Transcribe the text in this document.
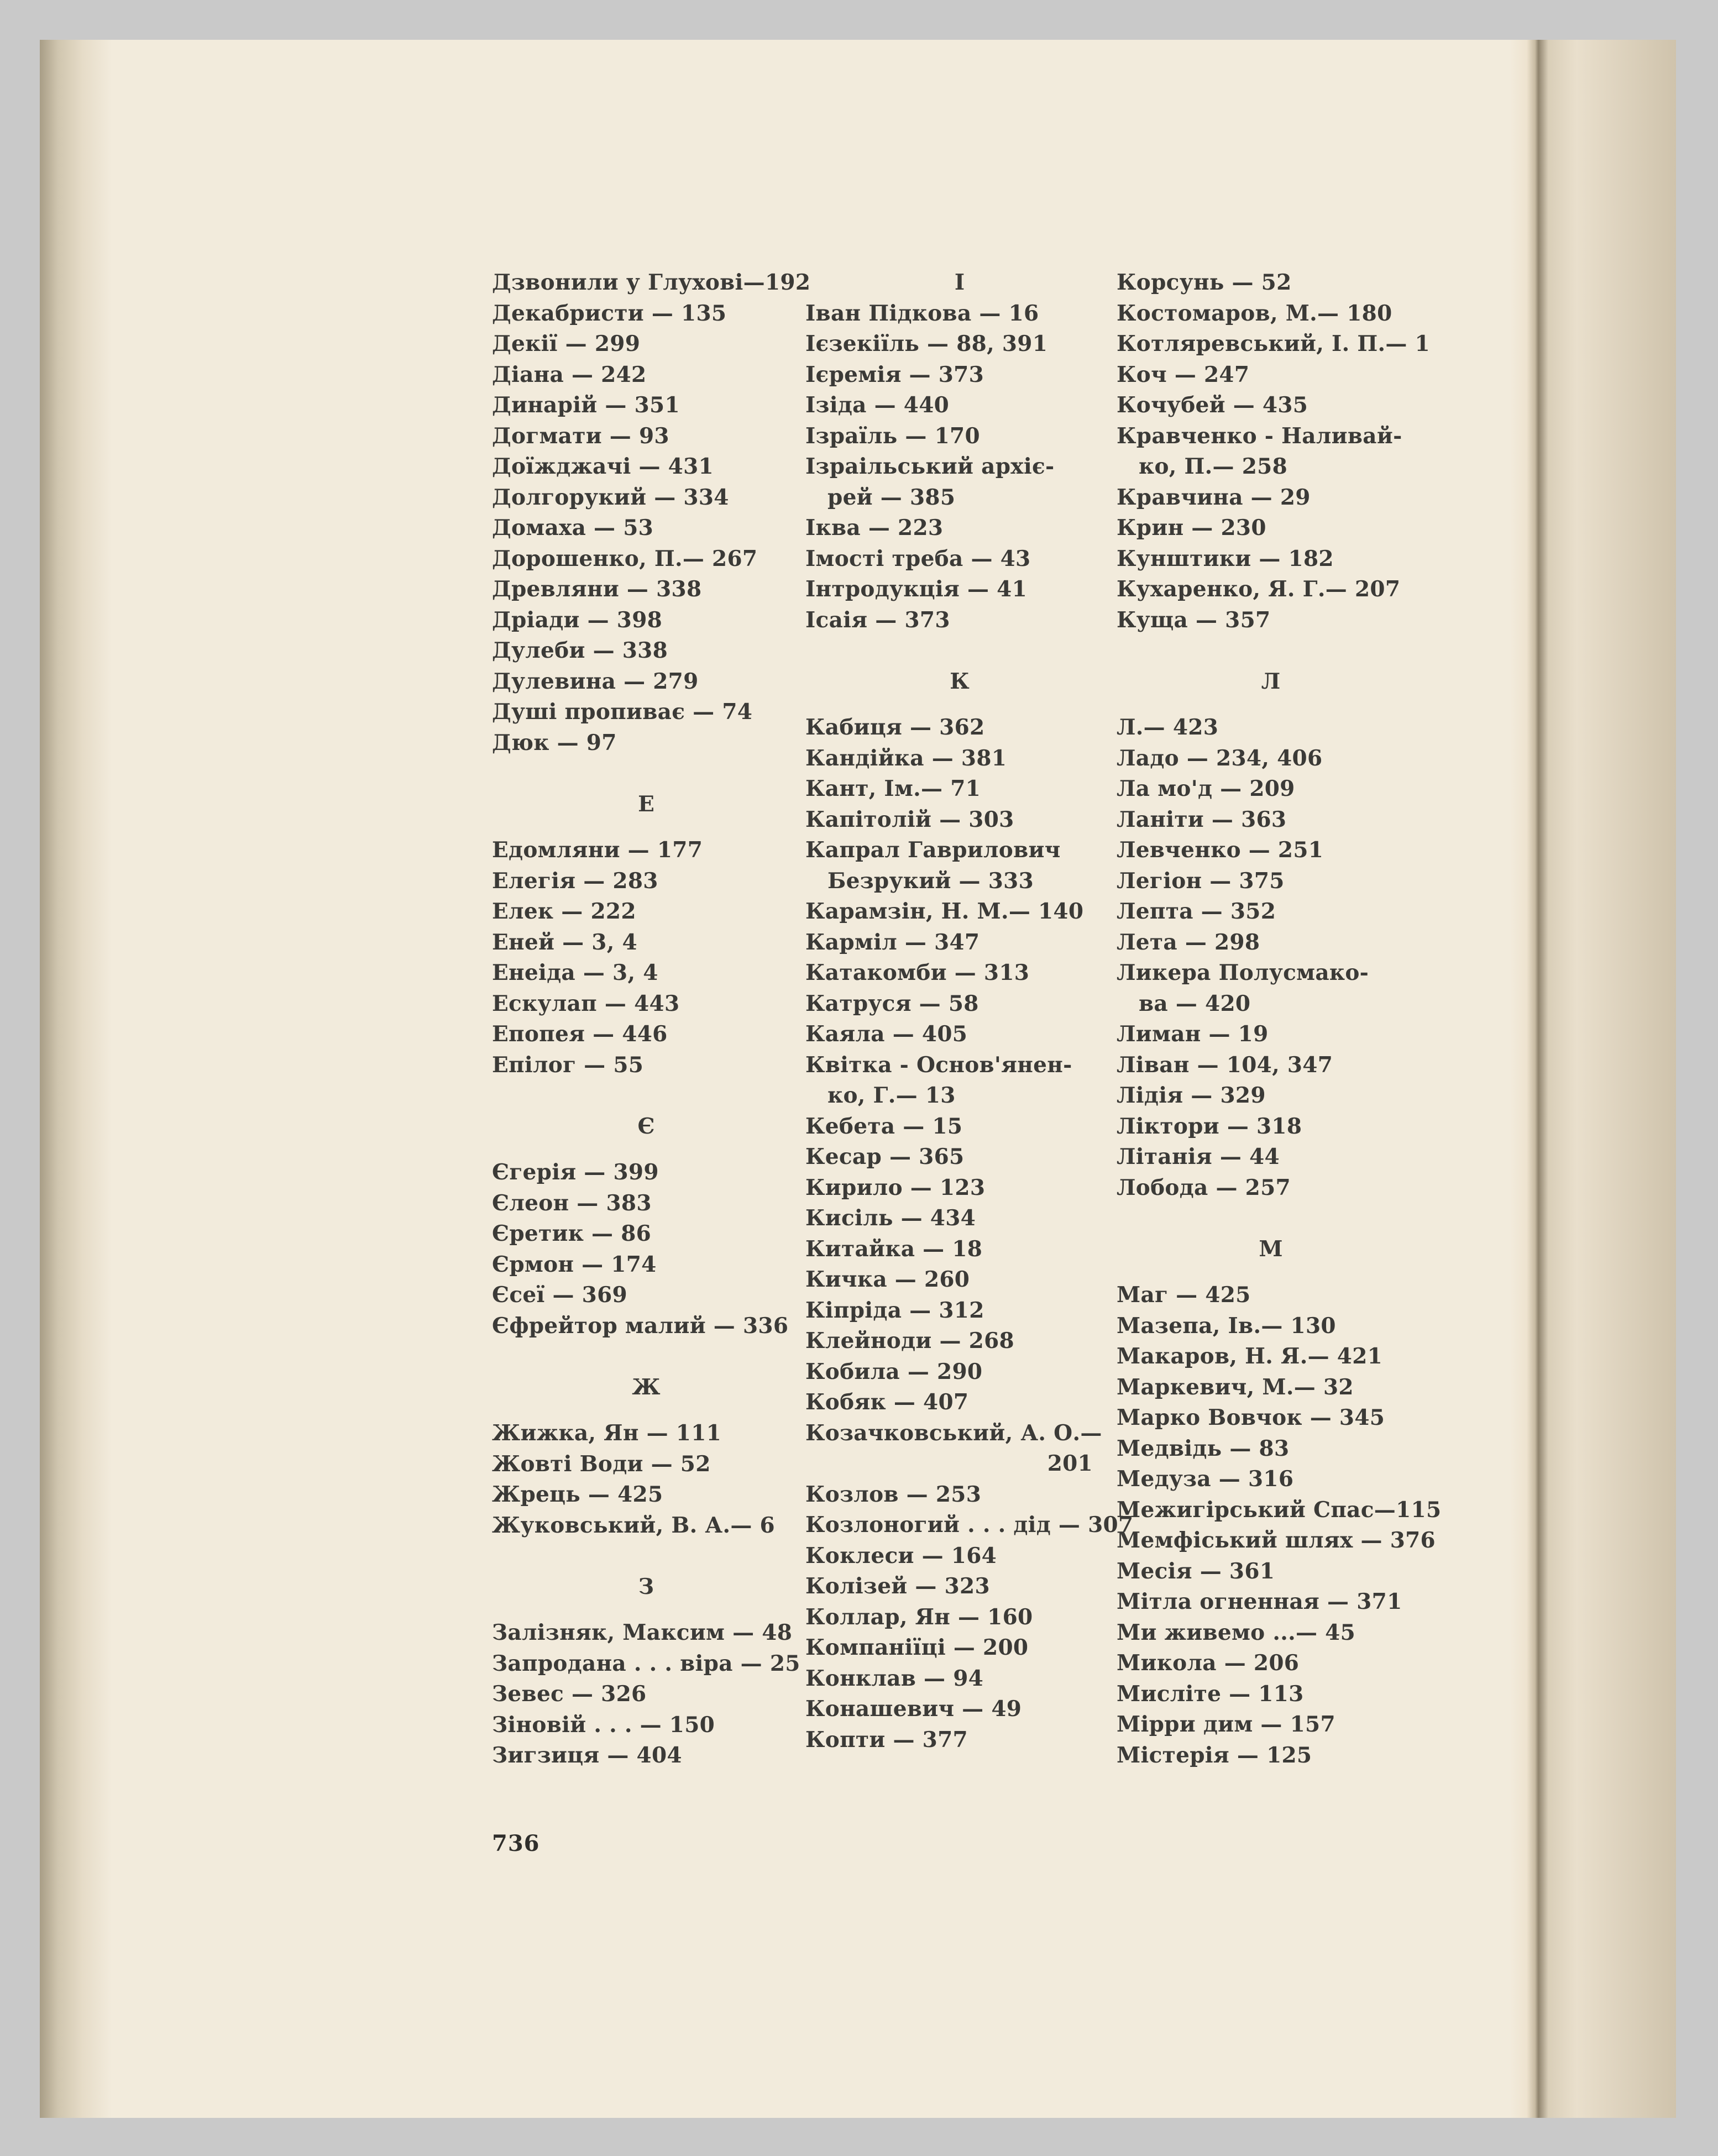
Дзвонили у Глухові—192
Декабристи — 135
Декії — 299
Діана — 242
Динарій — 351
Догмати — 93
Доїжджачі — 431
Долгорукий — 334
Домаха — 53
Дорошенко, П.— 267
Древляни — 338
Дріади — 398
Дулеби — 338
Дулевина — 279
Душі пропиває — 74
Дюк — 97
Е
Едомляни — 177
Елегія — 283
Елек — 222
Еней — 3, 4
Енеіда — 3, 4
Ескулап — 443
Епопея — 446
Епілог — 55
Є
Єгерія — 399
Єлеон — 383
Єретик — 86
Єрмон — 174
Єсеї — 369
Єфрейтор малий — 336
Ж
Жижка, Ян — 111
Жовті Води — 52
Жрець — 425
Жуковський, В. А.— 6
З
Залізняк, Максим — 48
Запродана . . . віра — 25
Зевес — 326
Зіновій . . . — 150
Зигзиця — 404
I
Іван Підкова — 16
Ієзекіїль — 88, 391
Ієремія — 373
Ізіда — 440
Ізраїль — 170
Ізраільський архіє-
рей — 385
Іква — 223
Імості треба — 43
Інтродукція — 41
Ісаія — 373
К
Кабиця — 362
Кандійка — 381
Кант, Ім.— 71
Капітолій — 303
Капрал Гаврилович
Безрукий — 333
Карамзін, Н. М.— 140
Карміл — 347
Катакомби — 313
Катруся — 58
Каяла — 405
Квітка - Основ'янен-
ко, Г.— 13
Кебета — 15
Кесар — 365
Кирило — 123
Кисіль — 434
Китайка — 18
Кичка — 260
Кіпріда — 312
Клейноди — 268
Кобила — 290
Кобяк — 407
Козачковський, А. О.—
201
Козлов — 253
Козлоногий . . . дід — 307
Коклеси — 164
Колізей — 323
Коллар, Ян — 160
Компаніїці — 200
Конклав — 94
Конашевич — 49
Копти — 377
Корсунь — 52
Костомаров, М.— 180
Котляревський, І. П.— 1
Коч — 247
Кочубей — 435
Кравченко - Наливай-
ко, П.— 258
Кравчина — 29
Крин — 230
Кунштики — 182
Кухаренко, Я. Г.— 207
Куща — 357
Л
Л.— 423
Ладо — 234, 406
Ла мо'д — 209
Ланіти — 363
Левченко — 251
Легіон — 375
Лепта — 352
Лета — 298
Ликера Полусмако-
ва — 420
Лиман — 19
Ліван — 104, 347
Лідія — 329
Ліктори — 318
Літанія — 44
Лобода — 257
М
Маг — 425
Мазепа, Ів.— 130
Макаров, Н. Я.— 421
Маркевич, М.— 32
Марко Вовчок — 345
Медвідь — 83
Медуза — 316
Межигірський Спас—115
Мемфіський шлях — 376
Месія — 361
Мітла огненная — 371
Ми живемо ...— 45
Микола — 206
Мисліте — 113
Мірри дим — 157
Містерія — 125
736
